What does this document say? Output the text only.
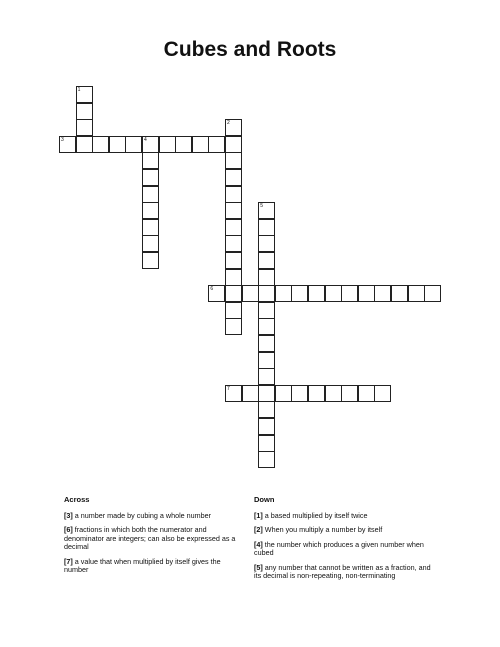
Cubes and Roots
1
2
3	4
5
6
7
Across	Down
[3] a number made by cubing a whole number
[6] fractions in which both the numerator and denominator are integers; can also be expressed as a decimal
[7] a value that when multiplied by itself gives the number
[1] a based multiplied by itself twice
[2] When you multiply a number by itself
[4] the number which produces a given number when cubed
[5] any number that cannot be written as a fraction, and its decimal is non-repeating, non-terminating
